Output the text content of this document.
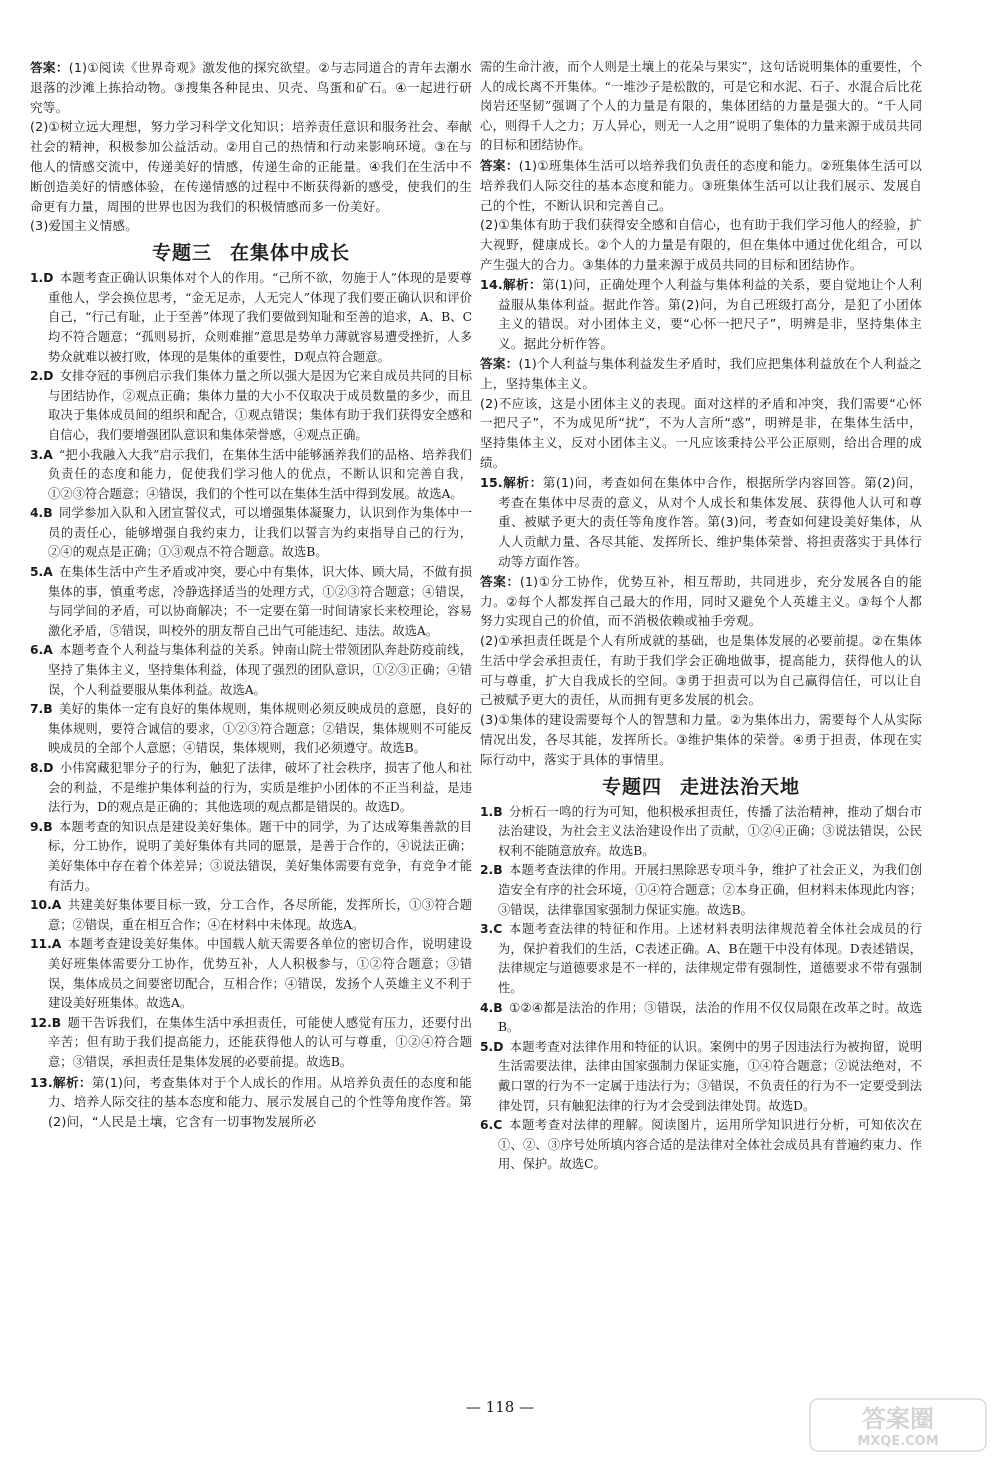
答案：(1)①阅读《世界奇观》激发他的探究欲望。②与志同道合的青年去潮水退落的沙滩上拣拾动物。③搜集各种昆虫、贝壳、鸟蛋和矿石。④一起进行研究等。

(2)①树立远大理想，努力学习科学文化知识；培养责任意识和服务社会、奉献社会的精神，积极参加公益活动。②用自己的热情和行动来影响环境。③在与他人的情感交流中，传递美好的情感，传递生命的正能量。④我们在生活中不断创造美好的情感体验，在传递情感的过程中不断获得新的感受，使我们的生命更有力量，周围的世界也因为我们的积极情感而多一份美好。

(3)爱国主义情感。

专题三 在集体中成长

1.D  本题考查正确认识集体对个人的作用。“己所不欲，勿施于人”体现的是要尊重他人，学会换位思考，“金无足赤，人无完人”体现了我们要正确认识和评价自己，“行己有耻，止于至善”体现了我们要做到知耻和至善的追求，A、B、C均不符合题意；“孤则易折，众则难摧”意思是势单力薄就容易遭受挫折，人多势众就难以被打败，体现的是集体的重要性，D观点符合题意。

2.D  女排夺冠的事例启示我们集体力量之所以强大是因为它来自成员共同的目标与团结协作，②观点正确；集体力量的大小不仅取决于成员数量的多少，而且取决于集体成员间的组织和配合，①观点错误；集体有助于我们获得安全感和自信心，我们要增强团队意识和集体荣誉感，④观点正确。

3.A  “把小我融入大我”启示我们，在集体生活中能够涵养我们的品格、培养我们负责任的态度和能力，促使我们学习他人的优点，不断认识和完善自我，①②③符合题意；④错误，我们的个性可以在集体生活中得到发展。故选A。

4.B  同学参加入队和入团宣誓仪式，可以增强集体凝聚力，认识到作为集体中一员的责任心，能够增强自我约束力，让我们以誓言为约束指导自己的行为，②④的观点是正确；①③观点不符合题意。故选B。

5.A  在集体生活中产生矛盾或冲突，要心中有集体，识大体、顾大局，不做有损集体的事，慎重考虑，冷静选择适当的处理方式，①②③符合题意；④错误，与同学间的矛盾，可以协商解决；不一定要在第一时间请家长来校理论，容易激化矛盾，⑤错误，叫校外的朋友帮自己出气可能违纪、违法。故选A。

6.A  本题考查个人利益与集体利益的关系。钟南山院士带领团队奔赴防疫前线，坚持了集体主义，坚持集体利益，体现了强烈的团队意识，①②③正确；④错误，个人利益要服从集体利益。故选A。

7.B  美好的集体一定有良好的集体规则，集体规则必须反映成员的意愿，良好的集体规则，要符合诚信的要求，①②③符合题意；②错误，集体规则不可能反映成员的全部个人意愿；④错误，集体规则，我们必须遵守。故选B。

8.D  小伟窝藏犯罪分子的行为，触犯了法律，破坏了社会秩序，损害了他人和社会的利益，不是维护集体利益的行为，实质是维护小团体的不正当利益，是违法行为，D的观点是正确的；其他选项的观点都是错误的。故选D。

9.B  本题考查的知识点是建设美好集体。题干中的同学，为了达成筹集善款的目标，分工协作，说明了美好集体有共同的愿景，是善于合作的，④说法正确；美好集体中存在着个体差异；③说法错误，美好集体需要有竞争，有竞争才能有活力。

10.A  共建美好集体要目标一致，分工合作，各尽所能，发挥所长，①③符合题意；②错误，重在相互合作；④在材料中未体现。故选A。

11.A  本题考查建设美好集体。中国载人航天需要各单位的密切合作，说明建设美好班集体需要分工协作，优势互补，人人积极参与，①②符合题意；③错误，集体成员之间要密切配合，互相合作；④错误，发扬个人英雄主义不利于建设美好班集体。故选A。

12.B  题干告诉我们，在集体生活中承担责任，可能使人感觉有压力，还要付出辛苦；但有助于我们提高能力，还能获得他人的认可与尊重，①②④符合题意；③错误，承担责任是集体发展的必要前提。故选B。

13.解析：第(1)问，考查集体对于个人成长的作用。从培养负责任的态度和能力、培养人际交往的基本态度和能力、展示发展自己的个性等角度作答。第(2)问，“人民是土壤，它含有一切事物发展所必

需的生命汁液，而个人则是土壤上的花朵与果实”，这句话说明集体的重要性，个人的成长离不开集体。“一堆沙子是松散的，可是它和水泥、石子、水混合后比花岗岩还坚韧”强调了个人的力量是有限的，集体团结的力量是强大的。“千人同心，则得千人之力；万人异心，则无一人之用”说明了集体的力量来源于成员共同的目标和团结协作。

答案：(1)①班集体生活可以培养我们负责任的态度和能力。②班集体生活可以培养我们人际交往的基本态度和能力。③班集体生活可以让我们展示、发展自己的个性，不断认识和完善自己。

(2)①集体有助于我们获得安全感和自信心，也有助于我们学习他人的经验，扩大视野，健康成长。②个人的力量是有限的，但在集体中通过优化组合，可以产生强大的合力。③集体的力量来源于成员共同的目标和团结协作。

14.解析：第(1)问，正确处理个人利益与集体利益的关系，要自觉地让个人利益服从集体利益。据此作答。第(2)问，为自己班级打高分，是犯了小团体主义的错误。对小团体主义，要“心怀一把尺子”，明辨是非，坚持集体主义。据此分析作答。

答案：(1)个人利益与集体利益发生矛盾时，我们应把集体利益放在个人利益之上，坚持集体主义。

(2)不应该，这是小团体主义的表现。面对这样的矛盾和冲突，我们需要“心怀一把尺子”，不为成见所“扰”，不为人言所“惑”，明辨是非，在集体生活中，坚持集体主义，反对小团体主义。一凡应该秉持公平公正原则，给出合理的成绩。

15.解析：第(1)问，考查如何在集体中合作，根据所学内容回答。第(2)问，考查在集体中尽责的意义，从对个人成长和集体发展、获得他人认可和尊重、被赋予更大的责任等角度作答。第(3)问，考查如何建设美好集体，从人人贡献力量、各尽其能、发挥所长、维护集体荣誉、将担责落实于具体行动等方面作答。

答案：(1)①分工协作，优势互补，相互帮助，共同进步，充分发展各自的能力。②每个人都发挥自己最大的作用，同时又避免个人英雄主义。③每个人都努力实现自己的价值，而不消极依赖或袖手旁观。

(2)①承担责任既是个人有所成就的基础，也是集体发展的必要前提。②在集体生活中学会承担责任，有助于我们学会正确地做事，提高能力，获得他人的认可与尊重，扩大自我成长的空间。③勇于担责可以为自己赢得信任，可以让自己被赋予更大的责任，从而拥有更多发展的机会。

(3)①集体的建设需要每个人的智慧和力量。②为集体出力，需要每个人从实际情况出发，各尽其能，发挥所长。③维护集体的荣誉。④勇于担责，体现在实际行动中，落实于具体的事情里。

专题四 走进法治天地

1.B  分析石一鸣的行为可知，他积极承担责任，传播了法治精神，推动了烟台市法治建设，为社会主义法治建设作出了贡献，①②④正确；③说法错误，公民权利不能随意放弃。故选B。

2.B  本题考查法律的作用。开展扫黑除恶专项斗争，维护了社会正义，为我们创造安全有序的社会环境，①④符合题意；②本身正确，但材料未体现此内容；③错误，法律靠国家强制力保证实施。故选B。

3.C  本题考查法律的特征和作用。上述材料表明法律规范着全体社会成员的行为，保护着我们的生活，C表述正确。A、B在题干中没有体现。D表述错误，法律规定与道德要求是不一样的，法律规定带有强制性，道德要求不带有强制性。

4.B  ①②④都是法治的作用；③错误，法治的作用不仅仅局限在改革之时。故选B。

5.D  本题考查对法律作用和特征的认识。案例中的男子因违法行为被拘留，说明生活需要法律，法律由国家强制力保证实施，①④符合题意；②说法绝对，不戴口罩的行为不一定属于违法行为；③错误，不负责任的行为不一定要受到法律处罚，只有触犯法律的行为才会受到法律处罚。故选D。

6.C  本题考查对法律的理解。阅读图片，运用所学知识进行分析，可知依次在①、②、③序号处所填内容合适的是法律对全体社会成员具有普遍约束力、作用、保护。故选C。

— 118 —	答案圈
MXQE.COM
